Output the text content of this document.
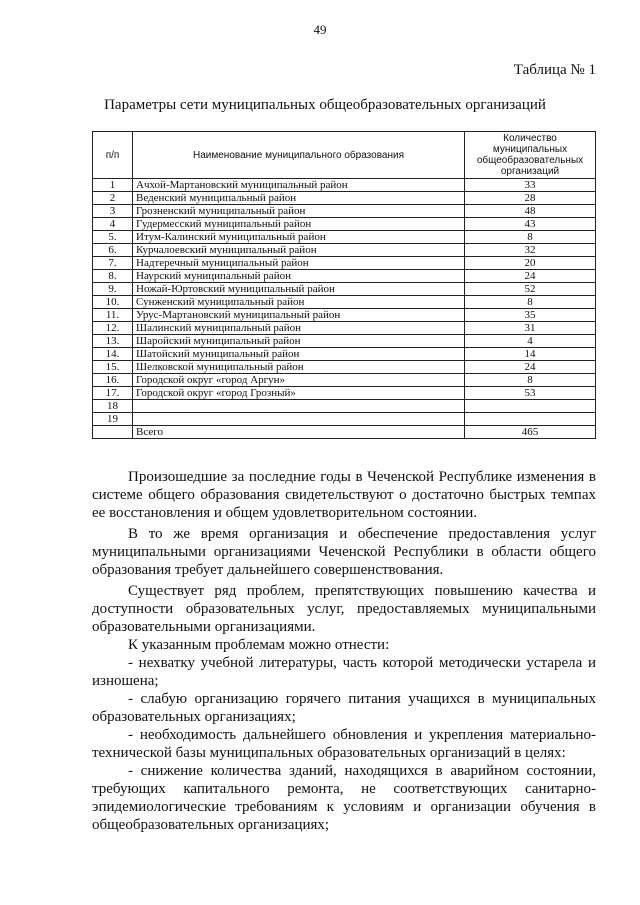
49
Таблица № 1
Параметры сети муниципальных общеобразовательных организаций
п/п	Наименование муниципального образования	Количество муниципальных общеобразовательных организаций
1	Ачхой-Мартановский муниципальный район	33
2	Веденский муниципальный район	28
3	Грозненский муниципальный район	48
4	Гудермесский муниципальный район	43
5.	Итум-Калинский муниципальный район	8
6.	Курчалоевский муниципальный район	32
7.	Надтеречный муниципальный район	20
8.	Наурский муниципальный район	24
9.	Ножай-Юртовский муниципальный район	52
10.	Сунженский муниципальный район	8
11.	Урус-Мартановский муниципальный район	35
12.	Шалинский муниципальный район	31
13.	Шаройский муниципальный район	4
14.	Шатойский муниципальный район	14
15.	Шелковской муниципальный район	24
16.	Городской округ «город Аргун»	8
17.	Городской округ «город Грозный»	53
18		
19		
	Всего	465

Произошедшие за последние годы в Чеченской Республике изменения в системе общего образования свидетельствуют о достаточно быстрых темпах ее восстановления и общем удовлетворительном состоянии.

В то же время организация и обеспечение предоставления услуг муниципальными организациями Чеченской Республики в области общего образования требует дальнейшего совершенствования.

Существует ряд проблем, препятствующих повышению качества и доступности образовательных услуг, предоставляемых муниципальными образовательными организациями.

К указанным проблемам можно отнести:

- нехватку учебной литературы, часть которой методически устарела и изношена;

- слабую организацию горячего питания учащихся в муниципальных образовательных организациях;

- необходимость дальнейшего обновления и укрепления материально-технической базы муниципальных образовательных организаций в целях:

- снижение количества зданий, находящихся в аварийном состоянии, требующих капитального ремонта, не соответствующих санитарно-эпидемиологические требованиям к условиям и организации обучения в общеобразовательных организациях;
